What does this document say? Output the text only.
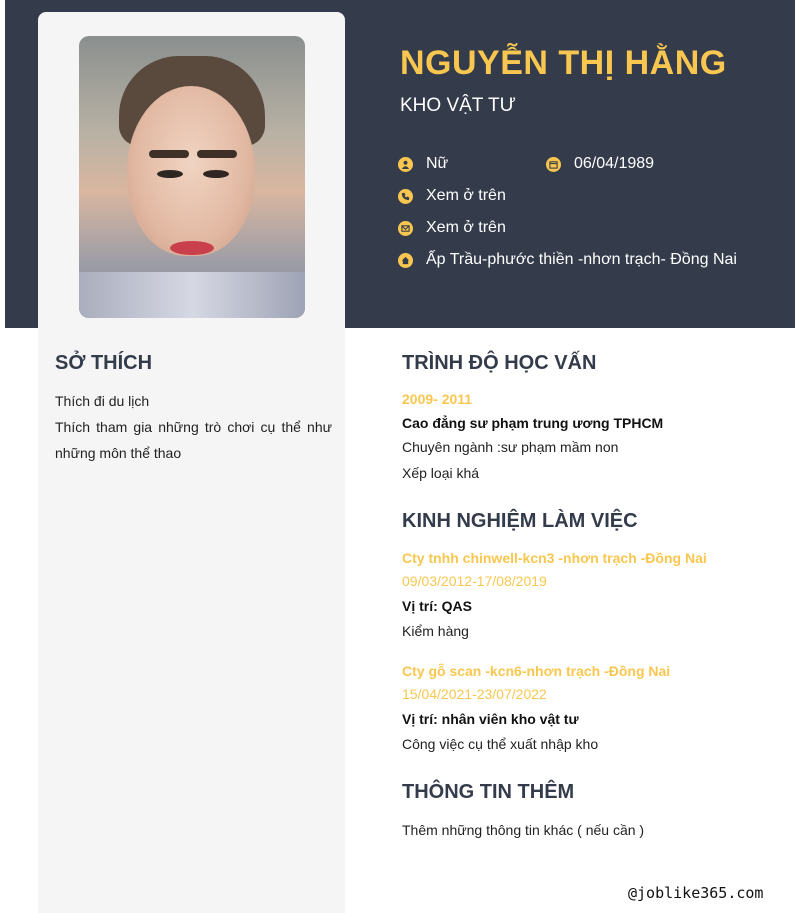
NGUYỄN THỊ HẰNG
KHO VẬT TƯ
Nữ	06/04/1989
Xem ở trên
Xem ở trên
Ấp Trầu-phước thiền -nhơn trạch- Đồng Nai
SỞ THÍCH
Thích đi du lịch
Thích tham gia những trò chơi cụ thể như những môn thể thao
TRÌNH ĐỘ HỌC VẤN
2009- 2011
Cao đẳng sư phạm trung ương TPHCM
Chuyên ngành :sư phạm mầm non
Xếp loại khá
KINH NGHIỆM LÀM VIỆC
Cty tnhh chinwell-kcn3 -nhơn trạch -Đồng Nai
09/03/2012-17/08/2019
Vị trí: QAS
Kiểm hàng
Cty gỗ scan -kcn6-nhơn trạch -Đồng Nai
15/04/2021-23/07/2022
Vị trí: nhân viên kho vật tư
Công việc cụ thể xuất nhập kho
THÔNG TIN THÊM
Thêm những thông tin khác ( nếu cần )
@joblike365.com
